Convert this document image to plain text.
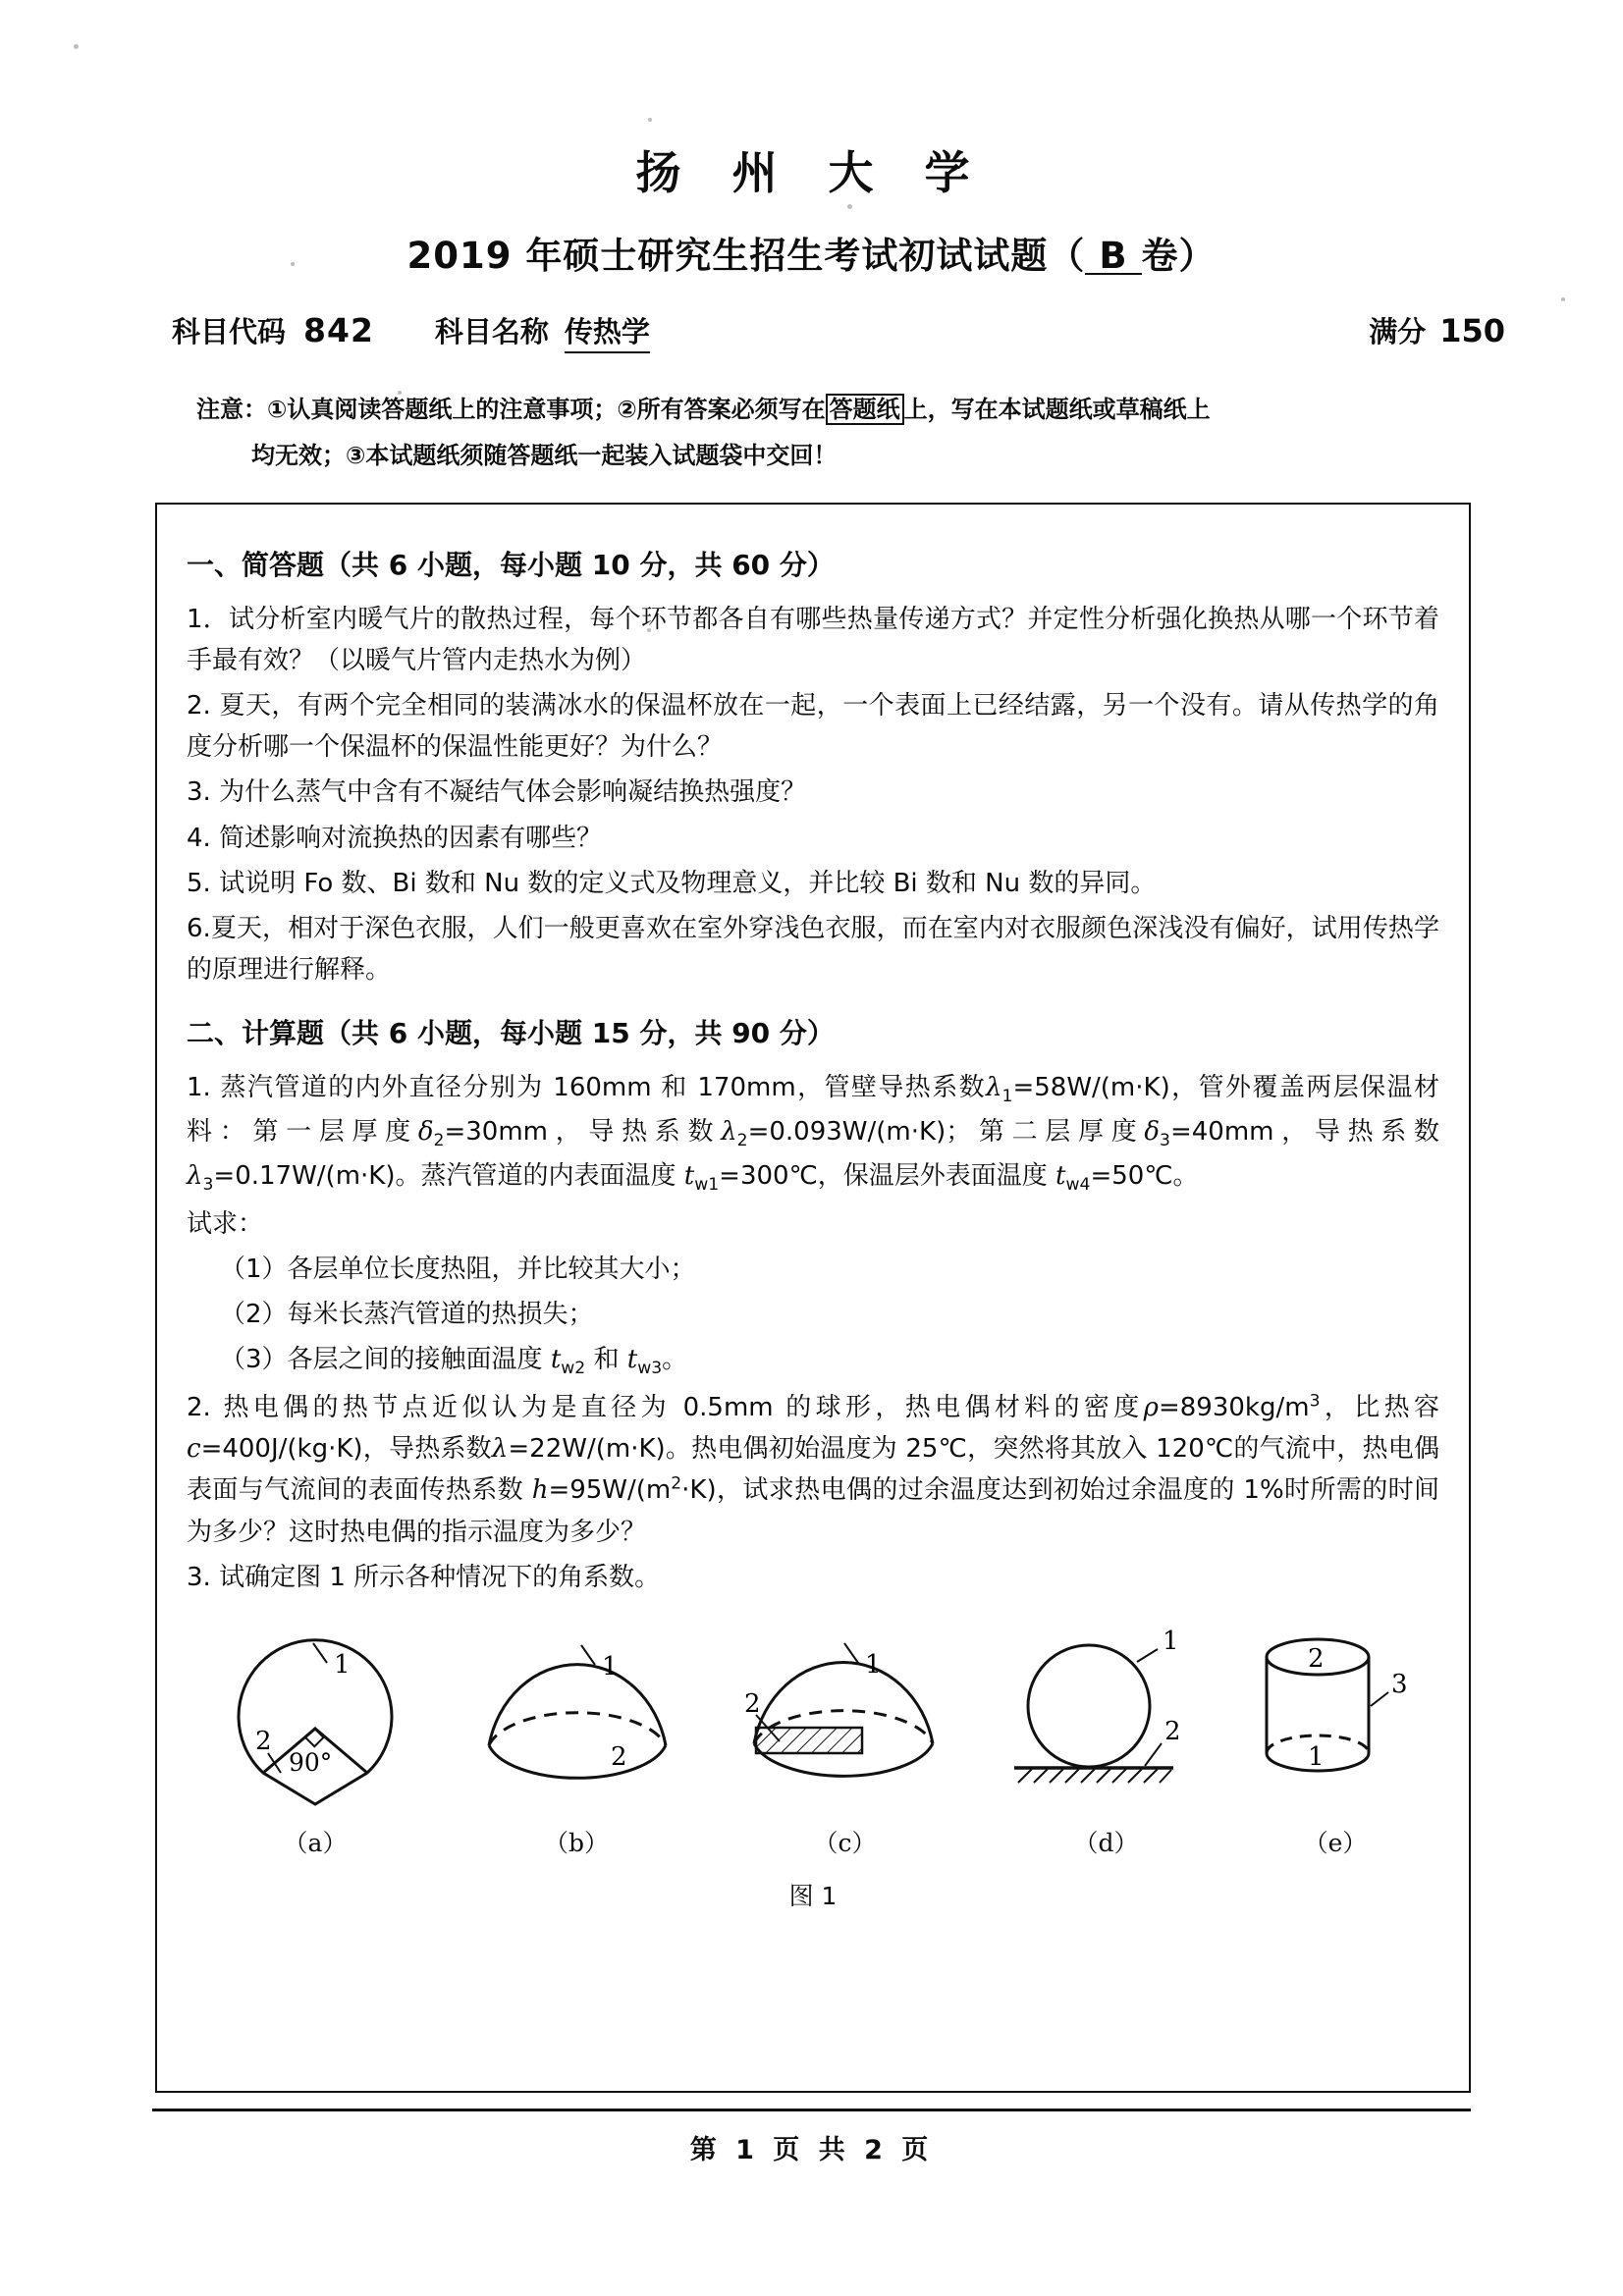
扬 州 大 学
2019 年硕士研究生招生考试初试试题（ B 卷）
科目代码 842 科目名称 传热学	满分 150
注意：①认真阅读答题纸上的注意事项；②所有答案必须写在 答题纸 上，写在本试题纸或草稿纸上
均无效；③本试题纸须随答题纸一起装入试题袋中交回！
一、简答题（共 6 小题，每小题 10 分，共 60 分）

1．试分析室内暖气片的散热过程，每个环节都各自有哪些热量传递方式？并定性分析强化换热从哪一个环节着手最有效？（以暖气片管内走热水为例）

2. 夏天，有两个完全相同的装满冰水的保温杯放在一起，一个表面上已经结露，另一个没有。请从传热学的角度分析哪一个保温杯的保温性能更好？为什么？

3. 为什么蒸气中含有不凝结气体会影响凝结换热强度？

4. 简述影响对流换热的因素有哪些？

5. 试说明 Fo 数、Bi 数和 Nu 数的定义式及物理意义，并比较 Bi 数和 Nu 数的异同。

6.夏天，相对于深色衣服，人们一般更喜欢在室外穿浅色衣服，而在室内对衣服颜色深浅没有偏好，试用传热学的原理进行解释。

二、计算题（共 6 小题，每小题 15 分，共 90 分）

1. 蒸汽管道的内外直径分别为 160mm 和 170mm，管壁导热系数$\lambda_1=58W/(m\cdot K)$，管外覆盖两层保温材料：第一层厚度$\delta_2=30mm$，导热系数$\lambda_2=0.093W/(m\cdot K)$；第二层厚度$\delta_3=40mm$，导热系数$\lambda_3=0.17W/(m\cdot K)$。蒸汽管道的内表面温度 $t_{w1}=300℃$，保温层外表面温度 $t_{w4}=50℃$。

试求：

（1）各层单位长度热阻，并比较其大小；

（2）每米长蒸汽管道的热损失；

（3）各层之间的接触面温度 $t_{w2}$ 和 $t_{w3}$。

2. 热电偶的热节点近似认为是直径为 0.5mm 的球形，热电偶材料的密度$\rho=8930kg/m^3$，比热容 c=400J/(kg·K)，导热系数λ=22W/(m·K)。热电偶初始温度为 25℃，突然将其放入 120℃的气流中，热电偶表面与气流间的表面传热系数 $h=95W/(m^2\cdot K)$，试求热电偶的过余温度达到初始过余温度的 1%时所需的时间为多少？这时热电偶的指示温度为多少？

3. 试确定图 1 所示各种情况下的角系数。

1
2
90°
（a）
1
2
（b）
1
2
（c）
1
2
（d）
2
1
3
（e）
图 1
第 1 页 共 2 页
